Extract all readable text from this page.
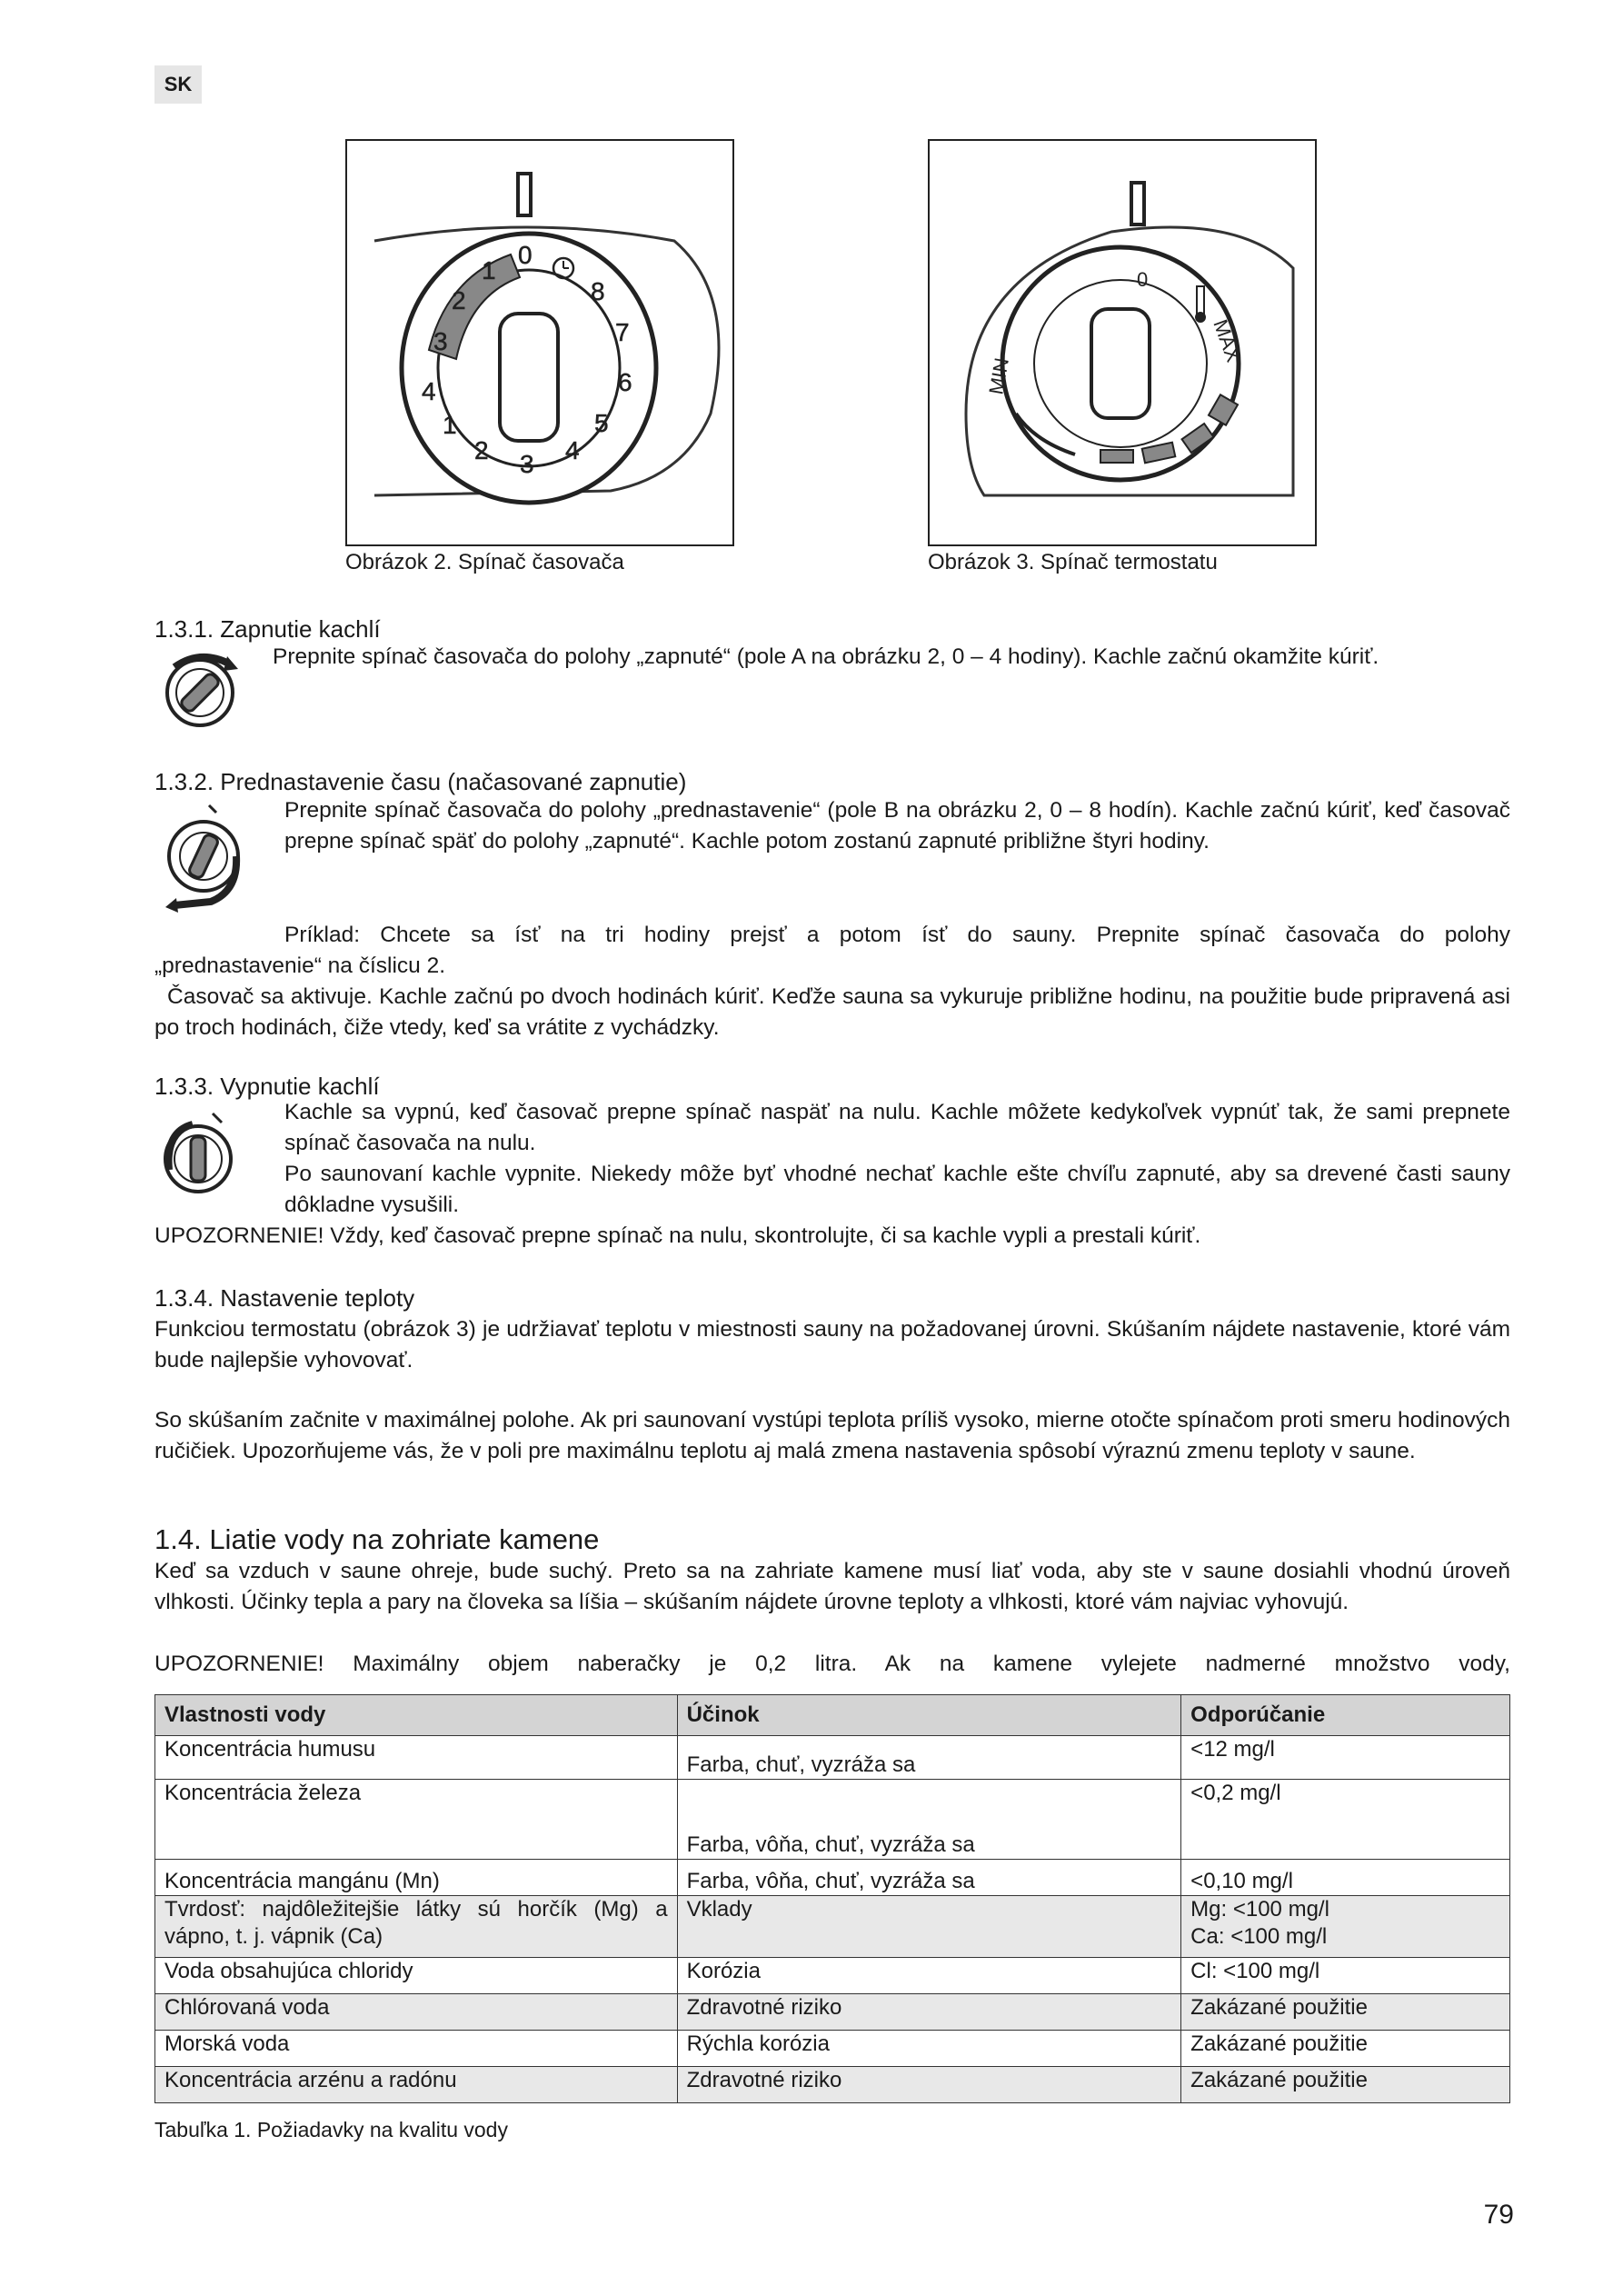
SK
4
3
2
1
0
8
7
6
5
4
3
2
1
Obrázok 2. Spínač časovača
0
MIN
MAX
Obrázok 3. Spínač termostatu
1.3.1. Zapnutie kachlí
Prepnite spínač časovača do polohy „zapnuté“ (pole A na obrázku 2, 0 – 4 hodiny). Kachle začnú okamžite kúriť.
1.3.2. Prednastavenie času (načasované zapnutie)
Prepnite spínač časovača do polohy „prednastavenie“ (pole B na obrázku 2, 0 – 8 hodín). Kachle začnú kúriť, keď časovač prepne spínač späť do polohy „zapnuté“. Kachle potom zostanú zapnuté približne štyri hodiny.
Príklad: Chcete sa ísť na tri hodiny prejsť a potom ísť do sauny. Prepnite spínač časovača do polohy
„prednastavenie“ na číslicu 2.
Časovač sa aktivuje. Kachle začnú po dvoch hodinách kúriť. Keďže sauna sa vykuruje približne hodinu, na použitie bude pripravená asi po troch hodinách, čiže vtedy, keď sa vrátite z vychádzky.
1.3.3. Vypnutie kachlí
Kachle sa vypnú, keď časovač prepne spínač naspäť na nulu. Kachle môžete kedykoľvek vypnúť tak, že sami prepnete spínač časovača na nulu.
Po saunovaní kachle vypnite. Niekedy môže byť vhodné nechať kachle ešte chvíľu zapnuté, aby sa drevené časti sauny dôkladne vysušili.
UPOZORNENIE! Vždy, keď časovač prepne spínač na nulu, skontrolujte, či sa kachle vypli a prestali kúriť.
1.3.4. Nastavenie teploty
Funkciou termostatu (obrázok 3) je udržiavať teplotu v miestnosti sauny na požadovanej úrovni. Skúšaním nájdete nastavenie, ktoré vám bude najlepšie vyhovovať.
So skúšaním začnite v maximálnej polohe. Ak pri saunovaní vystúpi teplota príliš vysoko, mierne otočte spínačom proti smeru hodinových ručičiek. Upozorňujeme vás, že v poli pre maximálnu teplotu aj malá zmena nastavenia spôsobí výraznú zmenu teploty v saune.
1.4. Liatie vody na zohriate kamene
Keď sa vzduch v saune ohreje, bude suchý. Preto sa na zahriate kamene musí liať voda, aby ste v saune dosiahli vhodnú úroveň vlhkosti. Účinky tepla a pary na človeka sa líšia – skúšaním nájdete úrovne teploty a vlhkosti, ktoré vám najviac vyhovujú.
UPOZORNENIE! Maximálny objem naberačky je 0,2 litra. Ak na kamene vylejete nadmerné množstvo vody,
Vlastnosti vody	Účinok	Odporúčanie
Koncentrácia humusu	Farba, chuť, vyzráža sa	<12 mg/l
Koncentrácia železa	Farba, vôňa, chuť, vyzráža sa	<0,2 mg/l
Koncentrácia mangánu (Mn)	Farba, vôňa, chuť, vyzráža sa	<0,10 mg/l
Tvrdosť: najdôležitejšie látky sú horčík (Mg) a vápno, t. j. vápnik (Ca)	Vklady	Mg: <100 mg/l
Ca: <100 mg/l
Voda obsahujúca chloridy	Korózia	Cl: <100 mg/l
Chlórovaná voda	Zdravotné riziko	Zakázané použitie
Morská voda	Rýchla korózia	Zakázané použitie
Koncentrácia arzénu a radónu	Zdravotné riziko	Zakázané použitie
Tabuľka 1. Požiadavky na kvalitu vody
79
